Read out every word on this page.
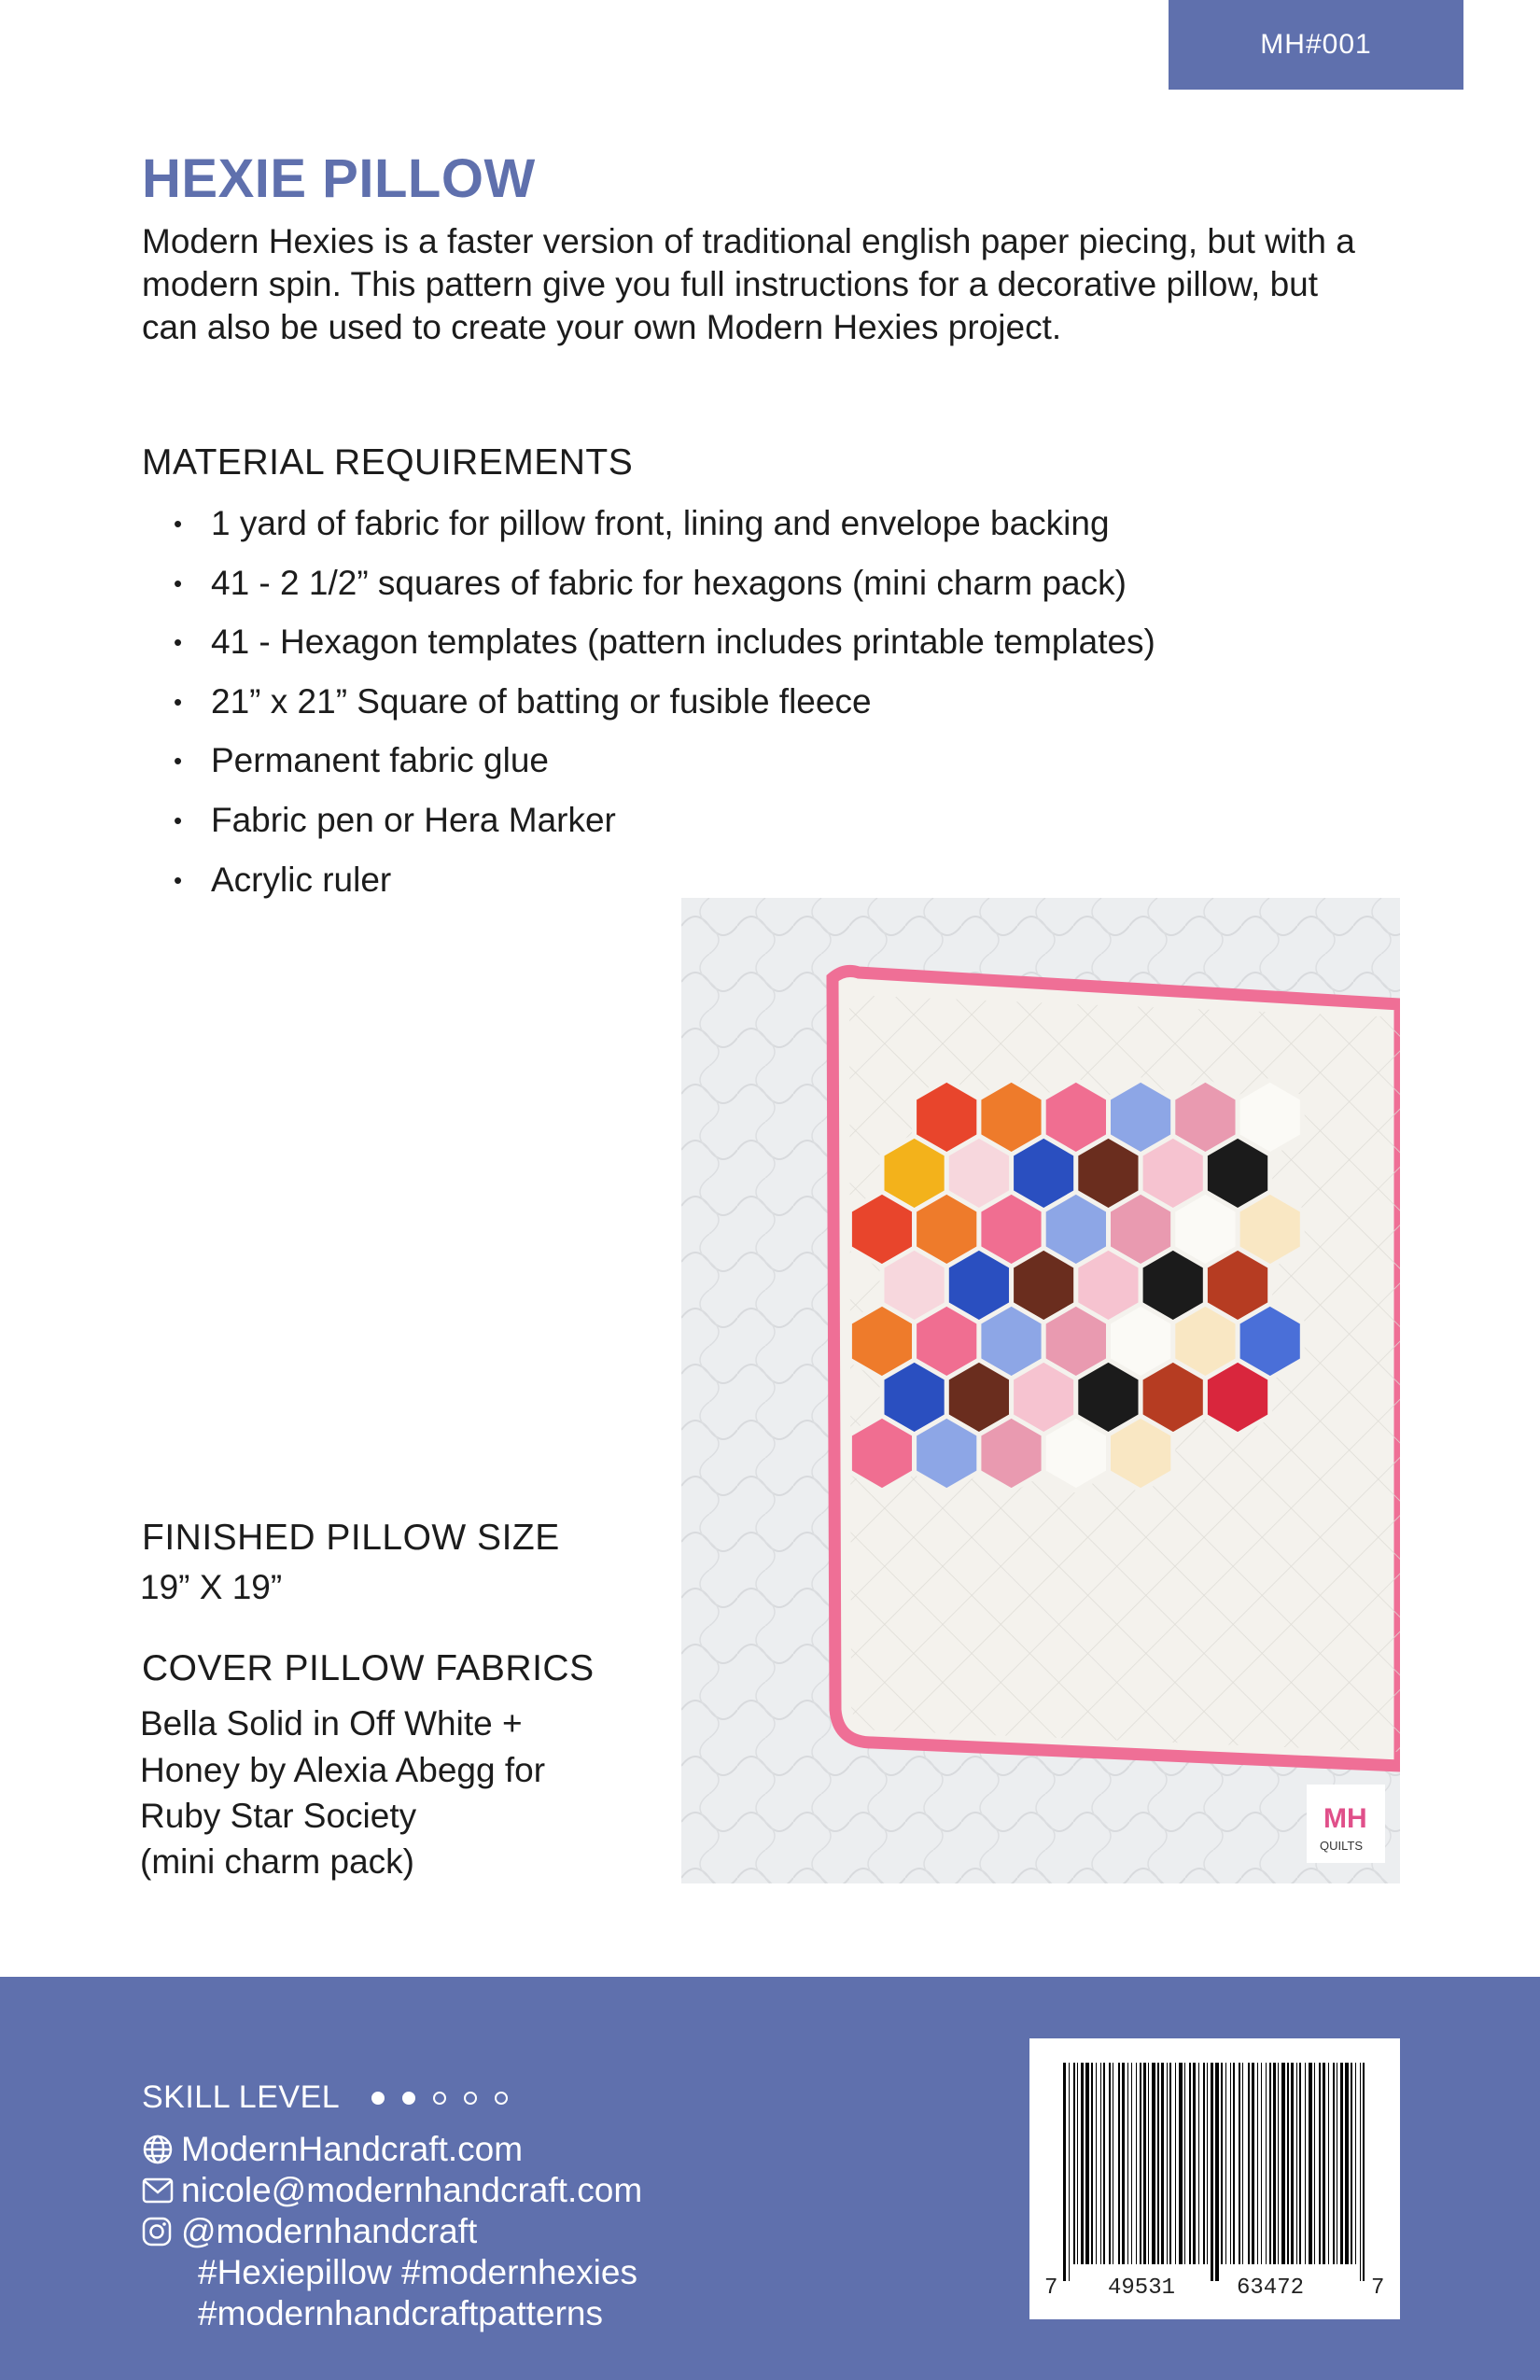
MH#001
HEXIE PILLOW

Modern Hexies is a faster version of traditional english paper piecing, but with a modern spin. This pattern give you full instructions for a decorative pillow, but can also be used to create your own Modern Hexies project.

MATERIAL REQUIREMENTS
• 1 yard of fabric for pillow front, lining and envelope backing
• 41 - 2 1/2” squares of fabric for hexagons (mini charm pack)
• 41 - Hexagon templates (pattern includes printable templates)
• 21” x 21” Square of batting or fusible fleece
• Permanent fabric glue
• Fabric pen or Hera Marker
• Acrylic ruler
FINISHED PILLOW SIZE

19” X 19”

COVER PILLOW FABRICS

Bella Solid in Off White +

Honey by Alexia Abegg for

Ruby Star Society

(mini charm pack)

MH
QUILTS
SKILL LEVEL
ModernHandcraft.com
nicole@modernhandcraft.com
@modernhandcraft
#Hexiepillow #modernhexies
#modernhandcraftpatterns
7 49531	63472	7
